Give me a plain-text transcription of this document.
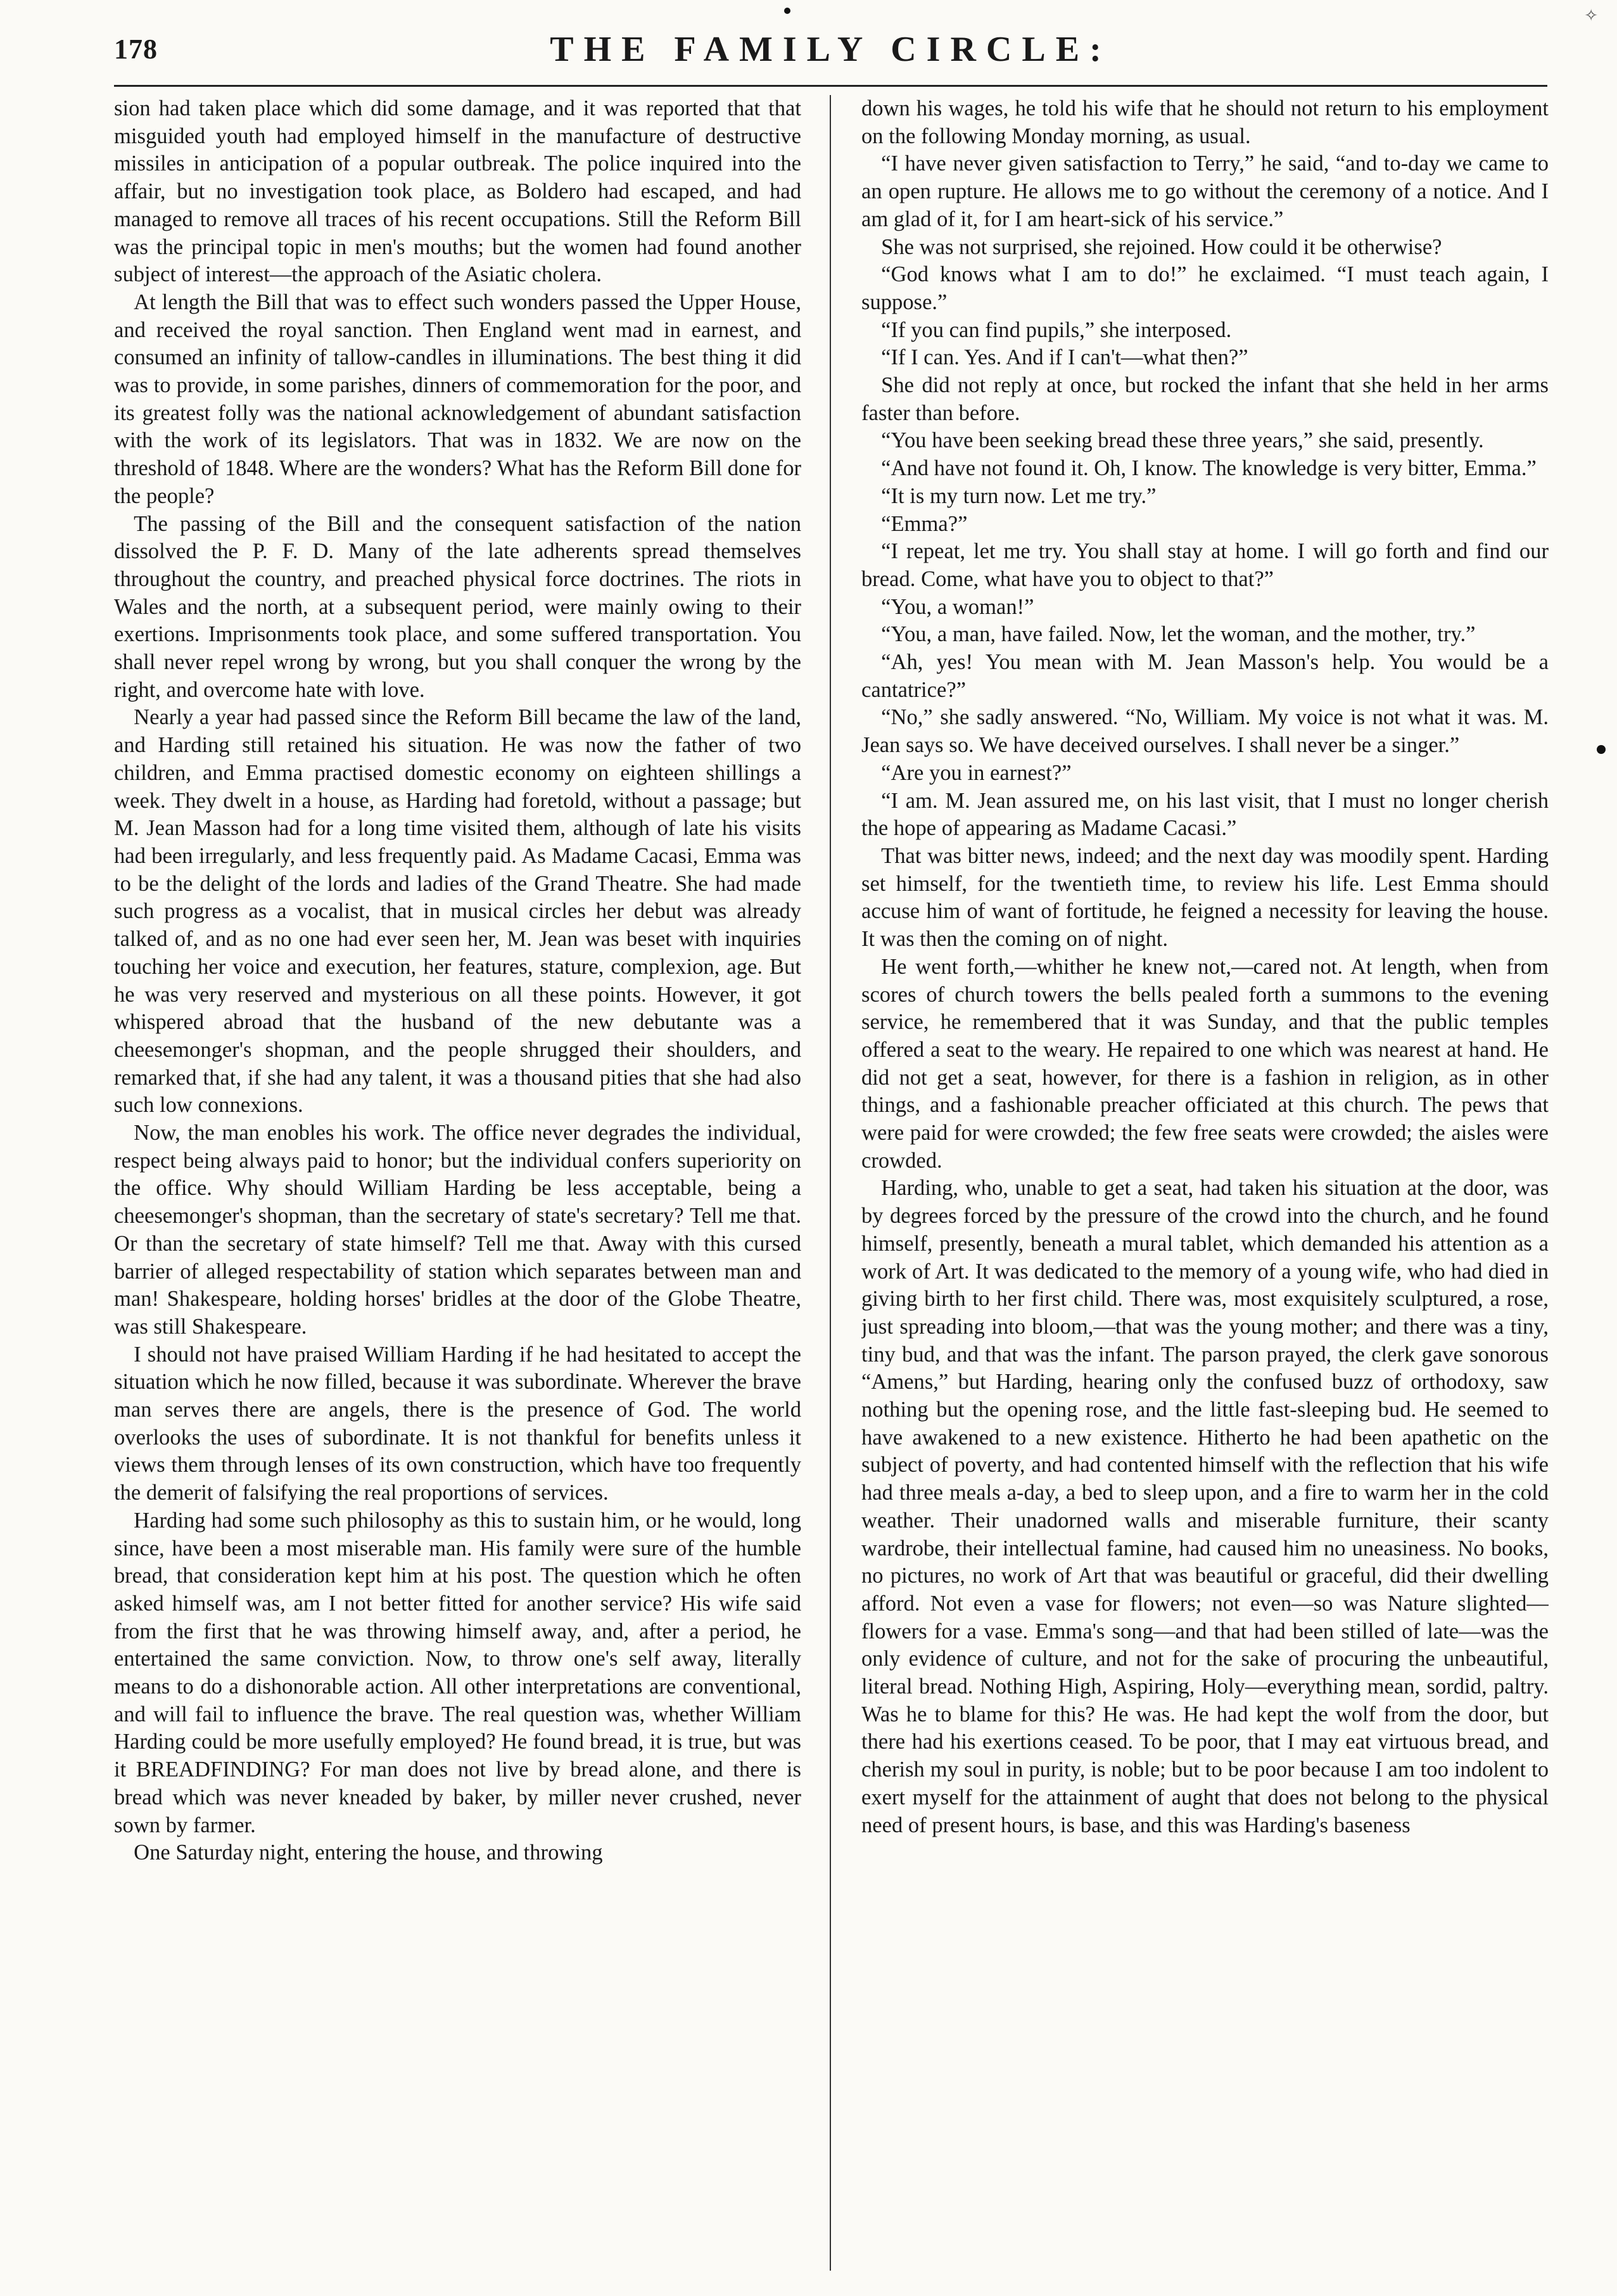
✧
178	THE FAMILY CIRCLE:

sion had taken place which did some damage, and it was reported that that misguided youth had employed himself in the manufacture of destructive missiles in anticipation of a popular outbreak. The police inquired into the affair, but no investigation took place, as Boldero had escaped, and had managed to remove all traces of his recent occupations. Still the Reform Bill was the principal topic in men's mouths; but the women had found another subject of interest—the approach of the Asiatic cholera.

At length the Bill that was to effect such wonders passed the Upper House, and received the royal sanction. Then England went mad in earnest, and consumed an infinity of tallow-candles in illuminations. The best thing it did was to provide, in some parishes, dinners of commemoration for the poor, and its greatest folly was the national acknowledgement of abundant satisfaction with the work of its legislators. That was in 1832. We are now on the threshold of 1848. Where are the wonders? What has the Reform Bill done for the people?

The passing of the Bill and the consequent satisfaction of the nation dissolved the P. F. D. Many of the late adherents spread themselves throughout the country, and preached physical force doctrines. The riots in Wales and the north, at a subsequent period, were mainly owing to their exertions. Imprisonments took place, and some suffered transportation. You shall never repel wrong by wrong, but you shall conquer the wrong by the right, and overcome hate with love.

Nearly a year had passed since the Reform Bill became the law of the land, and Harding still retained his situation. He was now the father of two children, and Emma practised domestic economy on eighteen shillings a week. They dwelt in a house, as Harding had foretold, without a passage; but M. Jean Masson had for a long time visited them, although of late his visits had been irregularly, and less frequently paid. As Madame Cacasi, Emma was to be the delight of the lords and ladies of the Grand Theatre. She had made such progress as a vocalist, that in musical circles her debut was already talked of, and as no one had ever seen her, M. Jean was beset with inquiries touching her voice and execution, her features, stature, complexion, age. But he was very reserved and mysterious on all these points. However, it got whispered abroad that the husband of the new debutante was a cheesemonger's shopman, and the people shrugged their shoulders, and remarked that, if she had any talent, it was a thousand pities that she had also such low connexions.

Now, the man enobles his work. The office never degrades the individual, respect being always paid to honor; but the individual confers superiority on the office. Why should William Harding be less acceptable, being a cheesemonger's shopman, than the secretary of state's secretary? Tell me that. Or than the secretary of state himself? Tell me that. Away with this cursed barrier of alleged respectability of station which separates between man and man! Shakespeare, holding horses' bridles at the door of the Globe Theatre, was still Shakespeare.

I should not have praised William Harding if he had hesitated to accept the situation which he now filled, because it was subordinate. Wherever the brave man serves there are angels, there is the presence of God. The world overlooks the uses of subordinate. It is not thankful for benefits unless it views them through lenses of its own construction, which have too frequently the demerit of falsifying the real proportions of services.

Harding had some such philosophy as this to sustain him, or he would, long since, have been a most miserable man. His family were sure of the humble bread, that consideration kept him at his post. The question which he often asked himself was, am I not better fitted for another service? His wife said from the first that he was throwing himself away, and, after a period, he entertained the same conviction. Now, to throw one's self away, literally means to do a dishonorable action. All other interpretations are conventional, and will fail to influence the brave. The real question was, whether William Harding could be more usefully employed? He found bread, it is true, but was it BREADFINDING? For man does not live by bread alone, and there is bread which was never kneaded by baker, by miller never crushed, never sown by farmer.

One Saturday night, entering the house, and throwing

down his wages, he told his wife that he should not return to his employment on the following Monday morning, as usual.

“I have never given satisfaction to Terry,” he said, “and to-day we came to an open rupture. He allows me to go without the ceremony of a notice. And I am glad of it, for I am heart-sick of his service.”

She was not surprised, she rejoined. How could it be otherwise?

“God knows what I am to do!” he exclaimed. “I must teach again, I suppose.”

“If you can find pupils,” she interposed.

“If I can. Yes. And if I can't—what then?”

She did not reply at once, but rocked the infant that she held in her arms faster than before.

“You have been seeking bread these three years,” she said, presently.

“And have not found it. Oh, I know. The knowledge is very bitter, Emma.”

“It is my turn now. Let me try.”

“Emma?”

“I repeat, let me try. You shall stay at home. I will go forth and find our bread. Come, what have you to object to that?”

“You, a woman!”

“You, a man, have failed. Now, let the woman, and the mother, try.”

“Ah, yes! You mean with M. Jean Masson's help. You would be a cantatrice?”

“No,” she sadly answered. “No, William. My voice is not what it was. M. Jean says so. We have deceived ourselves. I shall never be a singer.”

“Are you in earnest?”

“I am. M. Jean assured me, on his last visit, that I must no longer cherish the hope of appearing as Madame Cacasi.”

That was bitter news, indeed; and the next day was moodily spent. Harding set himself, for the twentieth time, to review his life. Lest Emma should accuse him of want of fortitude, he feigned a necessity for leaving the house. It was then the coming on of night.

He went forth,—whither he knew not,—cared not. At length, when from scores of church towers the bells pealed forth a summons to the evening service, he remembered that it was Sunday, and that the public temples offered a seat to the weary. He repaired to one which was nearest at hand. He did not get a seat, however, for there is a fashion in religion, as in other things, and a fashionable preacher officiated at this church. The pews that were paid for were crowded; the few free seats were crowded; the aisles were crowded.

Harding, who, unable to get a seat, had taken his situation at the door, was by degrees forced by the pressure of the crowd into the church, and he found himself, presently, beneath a mural tablet, which demanded his attention as a work of Art. It was dedicated to the memory of a young wife, who had died in giving birth to her first child. There was, most exquisitely sculptured, a rose, just spreading into bloom,—that was the young mother; and there was a tiny, tiny bud, and that was the infant. The parson prayed, the clerk gave sonorous “Amens,” but Harding, hearing only the confused buzz of orthodoxy, saw nothing but the opening rose, and the little fast-sleeping bud. He seemed to have awakened to a new existence. Hitherto he had been apathetic on the subject of poverty, and had contented himself with the reflection that his wife had three meals a-day, a bed to sleep upon, and a fire to warm her in the cold weather. Their unadorned walls and miserable furniture, their scanty wardrobe, their intellectual famine, had caused him no uneasiness. No books, no pictures, no work of Art that was beautiful or graceful, did their dwelling afford. Not even a vase for flowers; not even—so was Nature slighted—flowers for a vase. Emma's song—and that had been stilled of late—was the only evidence of culture, and not for the sake of procuring the unbeautiful, literal bread. Nothing High, Aspiring, Holy—everything mean, sordid, paltry. Was he to blame for this? He was. He had kept the wolf from the door, but there had his exertions ceased. To be poor, that I may eat virtuous bread, and cherish my soul in purity, is noble; but to be poor because I am too indolent to exert myself for the attainment of aught that does not belong to the physical need of present hours, is base, and this was Harding's baseness
